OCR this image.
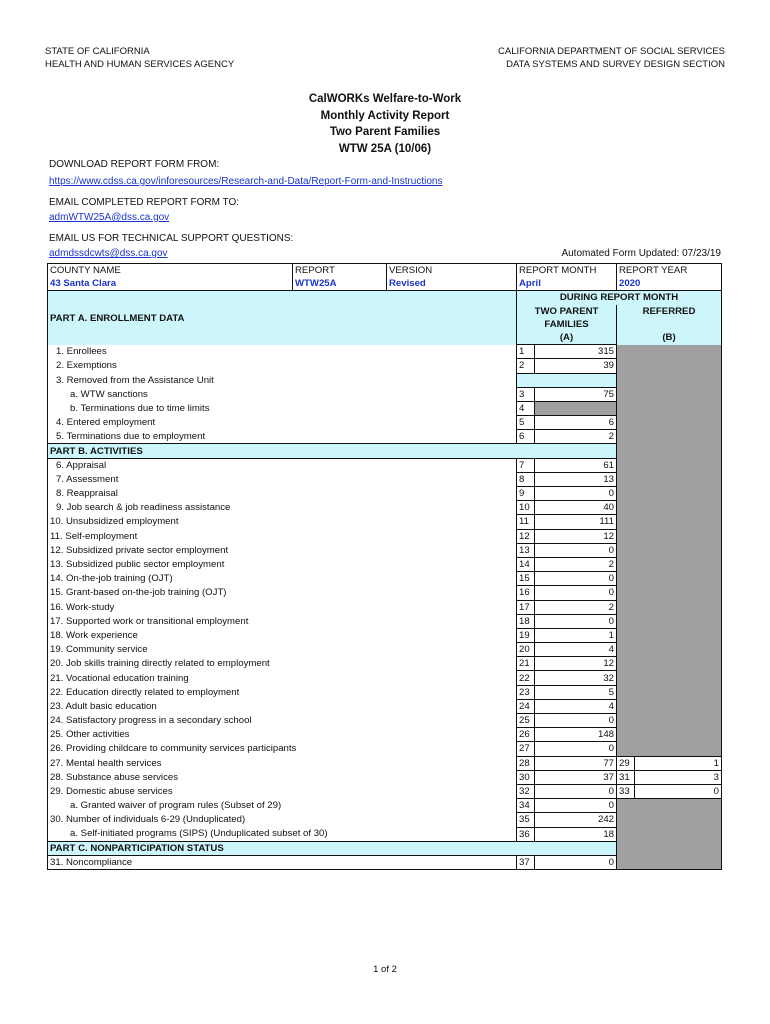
STATE OF CALIFORNIA
HEALTH AND HUMAN SERVICES AGENCY
CALIFORNIA DEPARTMENT OF SOCIAL SERVICES
DATA SYSTEMS AND SURVEY DESIGN SECTION
CalWORKs Welfare-to-Work
Monthly Activity Report
Two Parent Families
WTW 25A (10/06)
DOWNLOAD REPORT FORM FROM:
https://www.cdss.ca.gov/inforesources/Research-and-Data/Report-Form-and-Instructions
EMAIL COMPLETED REPORT FORM TO:
admWTW25A@dss.ca.gov
EMAIL US FOR TECHNICAL SUPPORT QUESTIONS:
admdssdcwts@dss.ca.gov	Automated Form Updated: 07/23/19
COUNTY NAME	REPORT	VERSION	REPORT MONTH		REPORT YEAR	
43 Santa Clara	WTW25A	Revised	April		2020	
PART A. ENROLLMENT DATA			DURING REPORT MONTH			
			TWO PARENT		REFERRED	
			FAMILIES			
			(A)		(B)	
1. Enrollees			1	315		
2. Exemptions			2	39		
3. Removed from the Assistance Unit						
a. WTW sanctions			3	75		
b. Terminations due to time limits			4			
4. Entered employment			5	6		
5. Terminations due to employment			6	2		
PART B. ACTIVITIES						
6. Appraisal			7	61		
7. Assessment			8	13		
8. Reappraisal			9	0		
9. Job search & job readiness assistance			10	40		
10. Unsubsidized employment			11	111		
11. Self-employment			12	12		
12. Subsidized private sector employment			13	0		
13. Subsidized public sector employment			14	2		
14. On-the-job training (OJT)			15	0		
15. Grant-based on-the-job training (OJT)			16	0		
16. Work-study			17	2		
17. Supported work or transitional employment			18	0		
18. Work experience			19	1		
19. Community service			20	4		
20. Job skills training directly related to employment			21	12		
21. Vocational education training			22	32		
22. Education directly related to employment			23	5		
23. Adult basic education			24	4		
24. Satisfactory progress in a secondary school			25	0		
25. Other activities			26	148		
26. Providing childcare to community services participants			27	0		
27. Mental health services			28	77	29	1
28. Substance abuse services			30	37	31	3
29. Domestic abuse services			32	0	33	0
a. Granted waiver of program rules (Subset of 29)			34	0		
30. Number of individuals 6-29 (Unduplicated)			35	242		
a. Self-initiated programs (SIPS) (Unduplicated subset of 30)			36	18		
PART C. NONPARTICIPATION STATUS						
31. Noncompliance			37	0		
1 of 2
